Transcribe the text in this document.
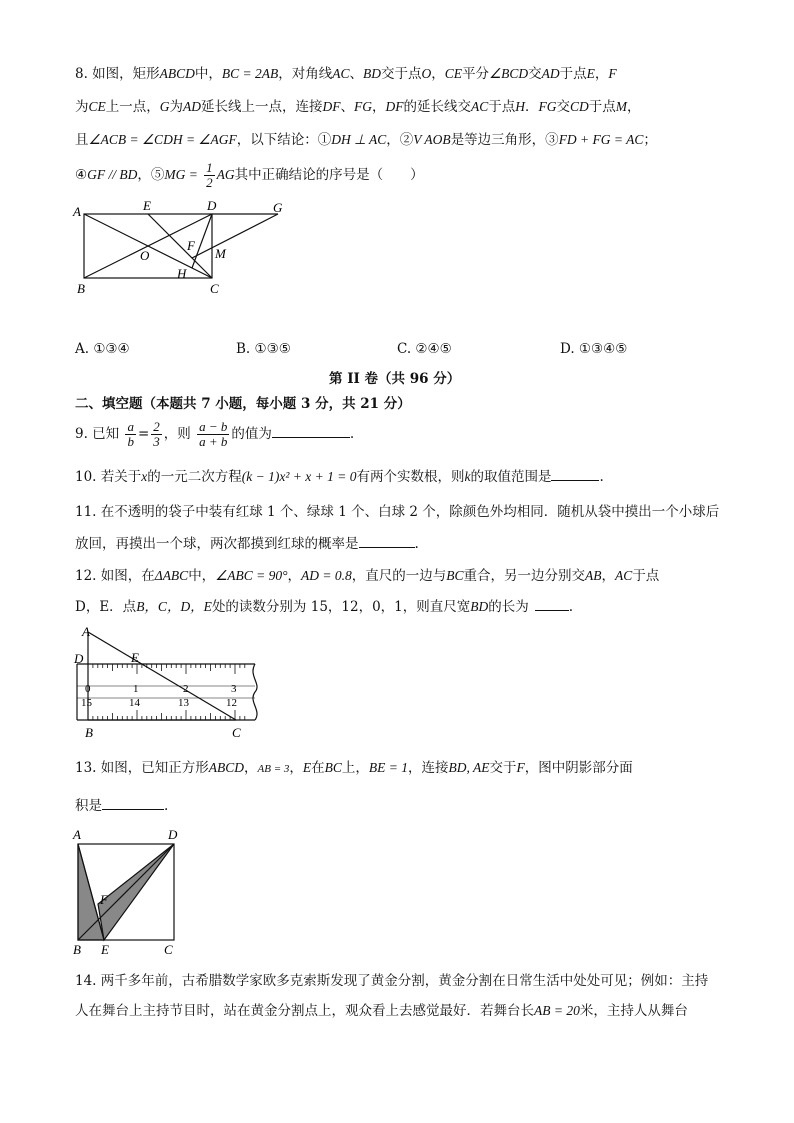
8. 如图，矩形ABCD中，BC = 2AB，对角线AC、BD交于点O，CE平分∠BCD交AD于点E，F
为CE上一点，G为AD延长线上一点，连接DF、FG，DF的延长线交AC于点H．FG交CD于点M，
且∠ACB = ∠CDH = ∠AGF，以下结论：①DH ⊥ AC，②V AOB是等边三角形，③FD + FG = AC；
④GF // BD，⑤MG = $\frac{1}{2}$ AG其中正确结论的序号是（　　）
A	E	D	G
O
F
M
H
B	C
A. ①③④	B. ①③⑤	C. ②④⑤	D. ①③④⑤
第 II 卷（共 96 分）
二、填空题（本题共 7 小题，每小题 3 分，共 21 分）
9. 已知 $\frac{a}{b} = \frac{2}{3}$ ，则 $\frac{a - b}{a + b}$ 的值为	.
10. 若关于x的一元二次方程(k − 1)x² + x + 1 = 0有两个实数根，则k的取值范围是	.
11. 在不透明的袋子中装有红球 1 个、绿球 1 个、白球 2 个，除颜色外均相同．随机从袋中摸出一个小球后
放回，再摸出一个球，两次都摸到红球的概率是	.
12. 如图，在ΔABC中，∠ABC = 90°，AD = 0.8，直尺的一边与BC重合，另一边分别交AB，AC于点
D，E．点B，C，D，E处的读数分别为 15，12，0，1，则直尺宽BD的长为	.
A
D	E
B	C
0	1	2	3
15	14	13	12
13. 如图，已知正方形ABCD，AB = 3，E在BC上，BE = 1，连接BD, AE交于F，图中阴影部分面
积是	.
A	D
F
B E	C
14. 两千多年前，古希腊数学家欧多克索斯发现了黄金分割，黄金分割在日常生活中处处可见；例如：主持
人在舞台上主持节目时，站在黄金分割点上，观众看上去感觉最好．若舞台长AB = 20米，主持人从舞台
